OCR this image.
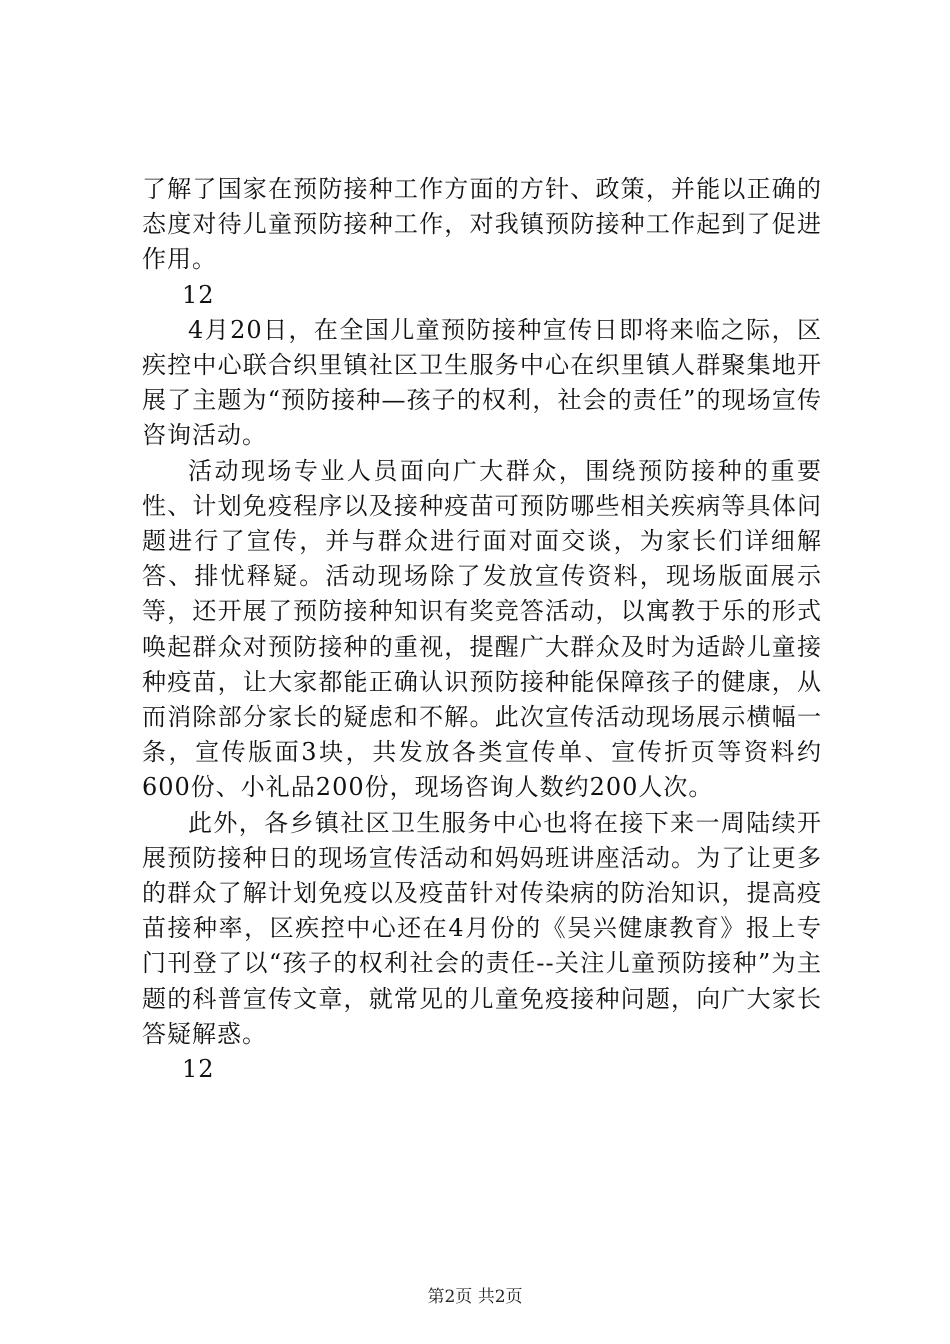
了解了国家在预防接种工作方面的方针、政策，并能以正确的态度对待儿童预防接种工作，对我镇预防接种工作起到了促进作用。

12

4月20日，在全国儿童预防接种宣传日即将来临之际，区疾控中心联合织里镇社区卫生服务中心在织里镇人群聚集地开展了主题为“预防接种—孩子的权利，社会的责任”的现场宣传咨询活动。

活动现场专业人员面向广大群众，围绕预防接种的重要性、计划免疫程序以及接种疫苗可预防哪些相关疾病等具体问题进行了宣传，并与群众进行面对面交谈，为家长们详细解答、排忧释疑。活动现场除了发放宣传资料，现场版面展示等，还开展了预防接种知识有奖竞答活动，以寓教于乐的形式唤起群众对预防接种的重视，提醒广大群众及时为适龄儿童接种疫苗，让大家都能正确认识预防接种能保障孩子的健康，从而消除部分家长的疑虑和不解。此次宣传活动现场展示横幅一条，宣传版面3块，共发放各类宣传单、宣传折页等资料约600份、小礼品200份，现场咨询人数约200人次。

此外，各乡镇社区卫生服务中心也将在接下来一周陆续开展预防接种日的现场宣传活动和妈妈班讲座活动。为了让更多的群众了解计划免疫以及疫苗针对传染病的防治知识，提高疫苗接种率，区疾控中心还在4月份的《吴兴健康教育》报上专门刊登了以“孩子的权利社会的责任--关注儿童预防接种”为主题的科普宣传文章，就常见的儿童免疫接种问题，向广大家长答疑解惑。

12

第2页 共2页
